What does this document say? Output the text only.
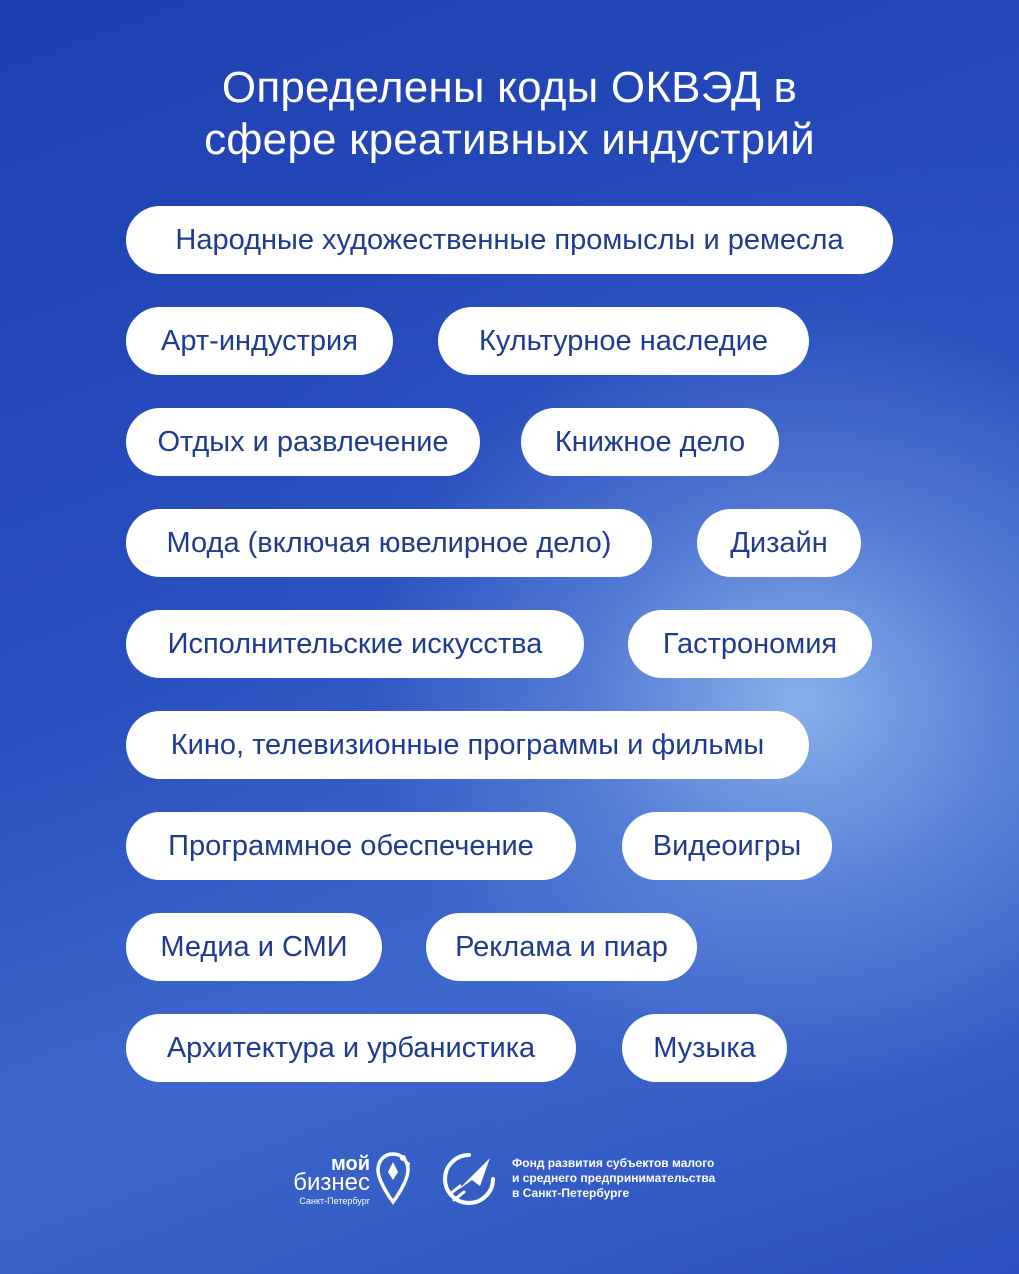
Определены коды ОКВЭД в
сфере креативных индустрий
Народные художественные промыслы и ремесла
Арт-индустрия	Культурное наследие
Отдых и развлечение	Книжное дело
Мода (включая ювелирное дело)	Дизайн
Исполнительские искусства	Гастрономия
Кино, телевизионные программы и фильмы
Программное обеспечение	Видеоигры
Медиа и СМИ	Реклама и пиар
Архитектура и урбанистика	Музыка
мой
бизнес
Санкт-Петербург
Фонд развития субъектов малого
и среднего предпринимательства
в Санкт-Петербурге
